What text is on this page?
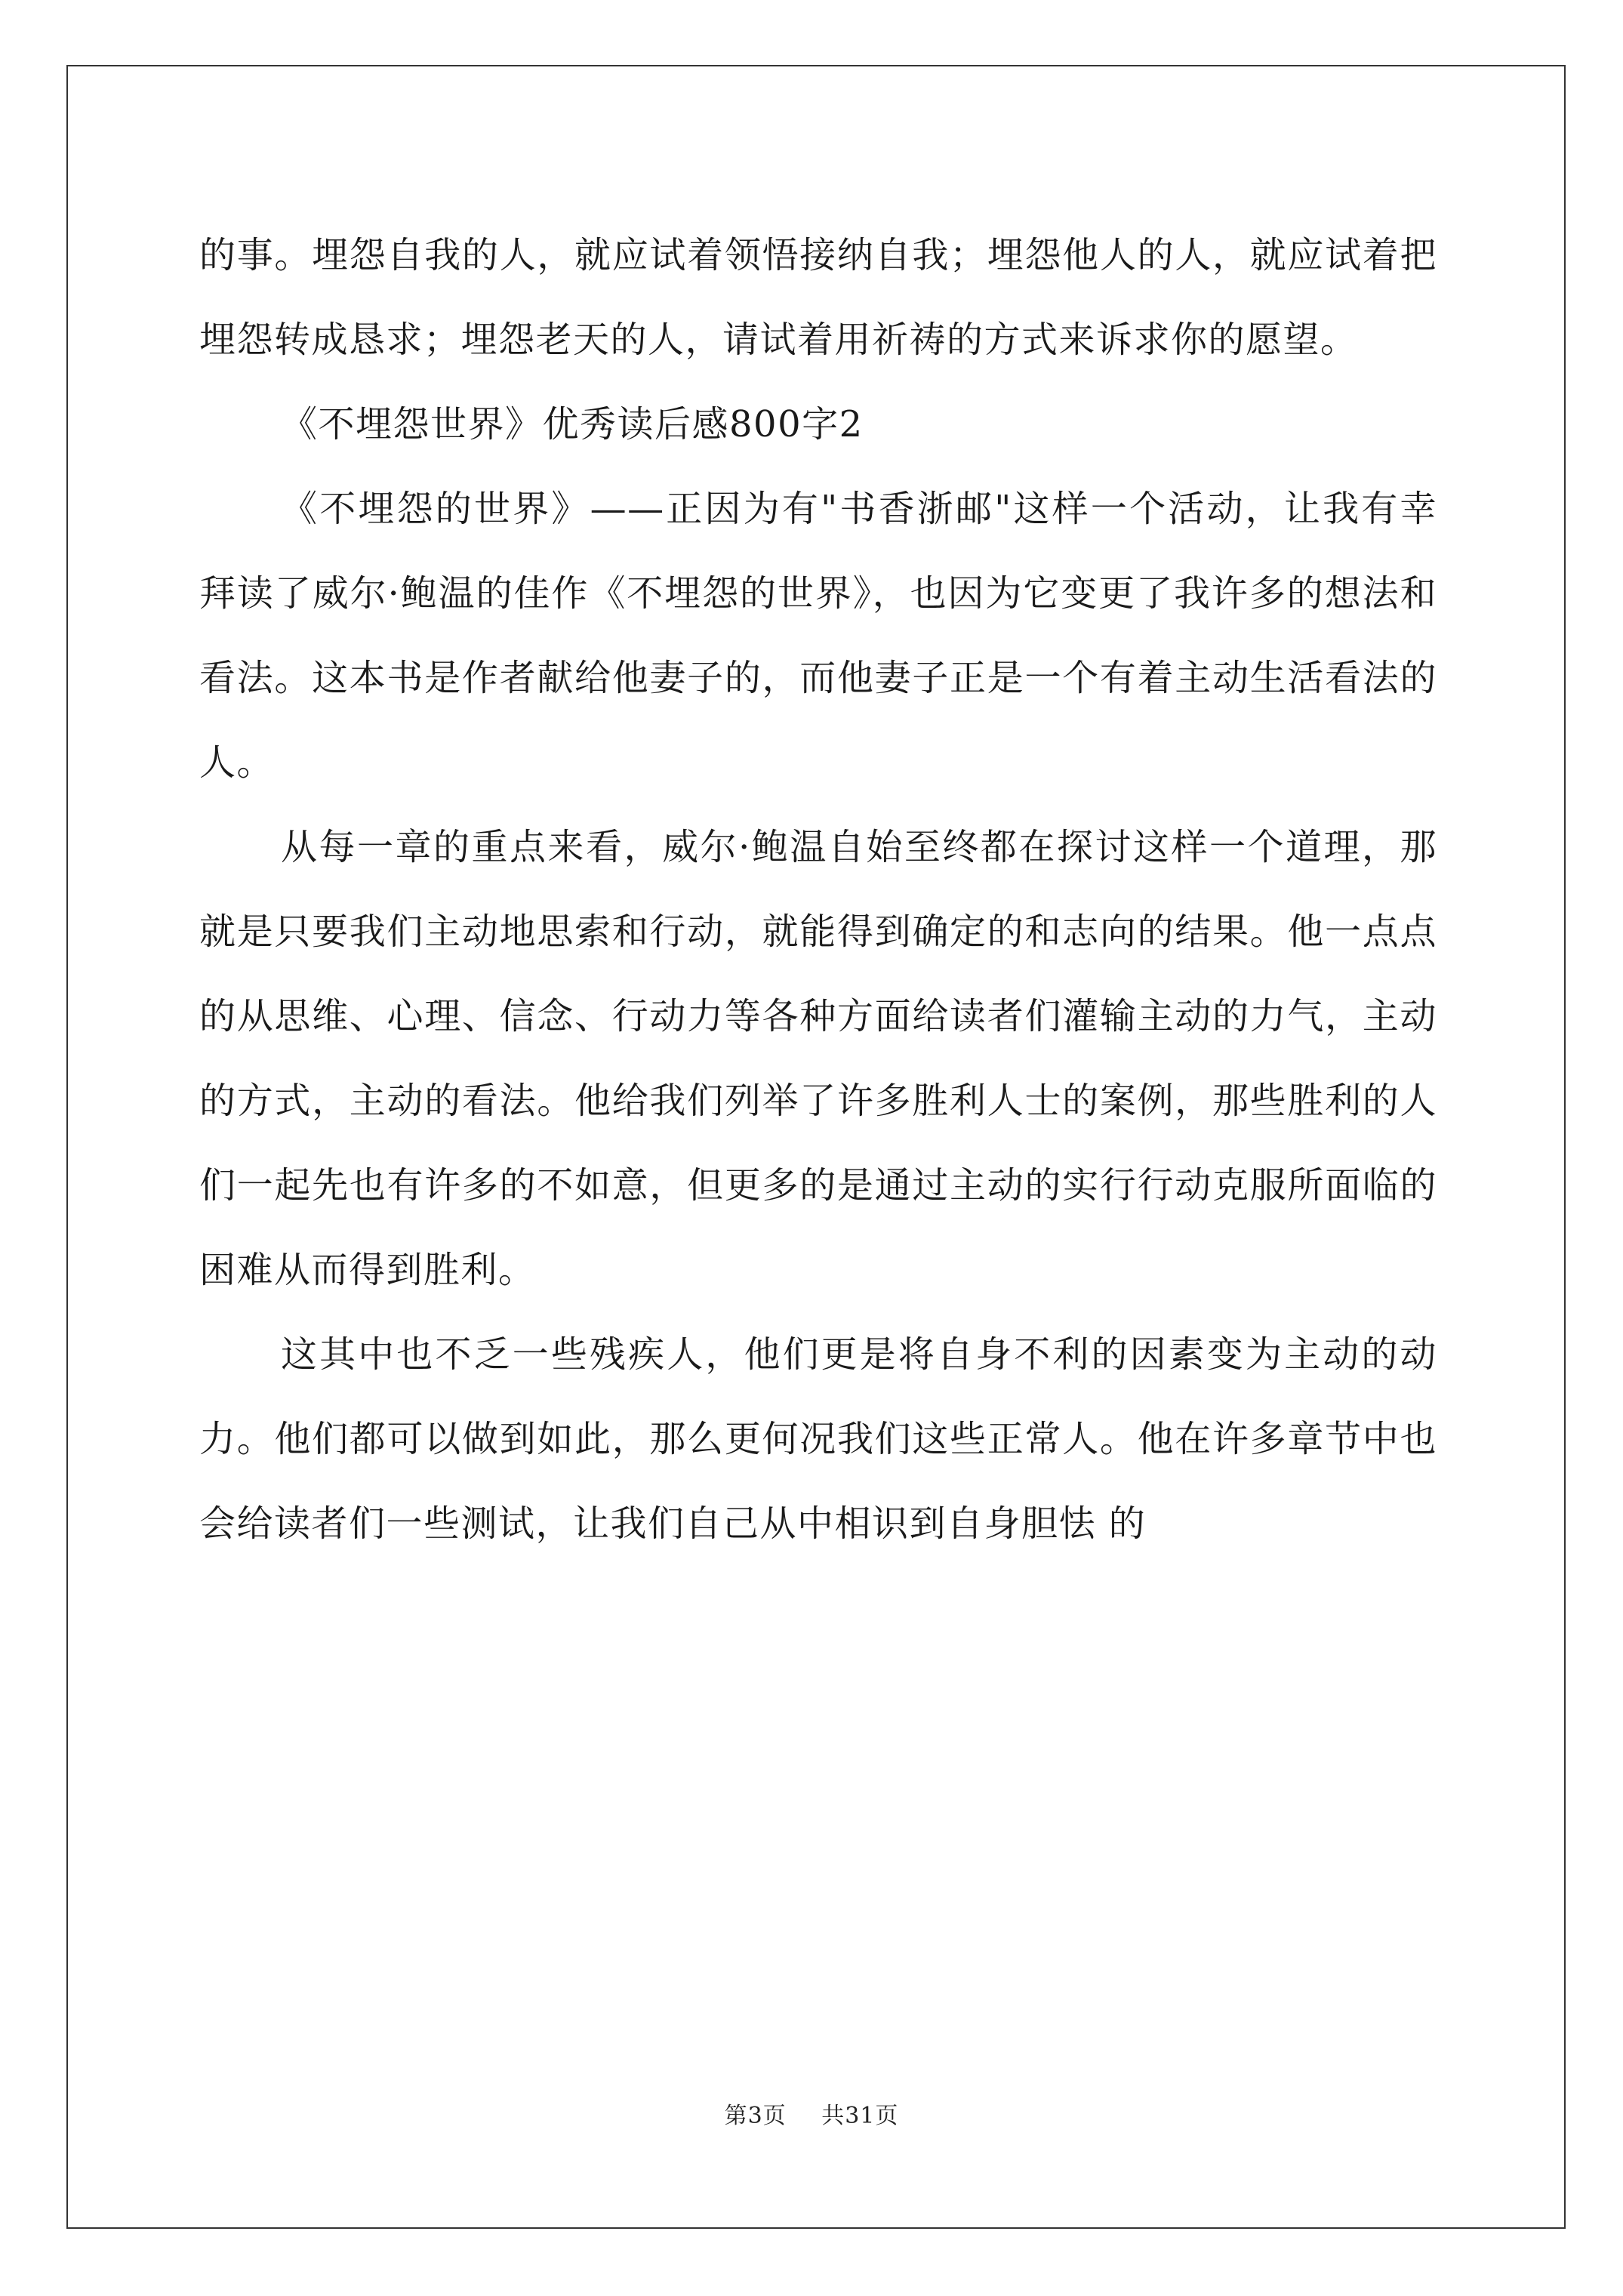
的事。埋怨自我的人，就应试着领悟接纳自我；埋怨他人的人，就应试着把埋怨转成恳求；埋怨老天的人，请试着用祈祷的方式来诉求你的愿望。

《不埋怨世界》优秀读后感800字2

《不埋怨的世界》——正因为有"书香浙邮"这样一个活动，让我有幸拜读了威尔·鲍温的佳作《不埋怨的世界》，也因为它变更了我许多的想法和看法。这本书是作者献给他妻子的，而他妻子正是一个有着主动生活看法的人。

从每一章的重点来看，威尔·鲍温自始至终都在探讨这样一个道理，那就是只要我们主动地思索和行动，就能得到确定的和志向的结果。他一点点的从思维、心理、信念、行动力等各种方面给读者们灌输主动的力气，主动的方式，主动的看法。他给我们列举了许多胜利人士的案例，那些胜利的人们一起先也有许多的不如意，但更多的是通过主动的实行行动克服所面临的困难从而得到胜利。

这其中也不乏一些残疾人，他们更是将自身不利的因素变为主动的动力。他们都可以做到如此，那么更何况我们这些正常人。他在许多章节中也会给读者们一些测试，让我们自己从中相识到自身胆怯 的

第3页 共31页
